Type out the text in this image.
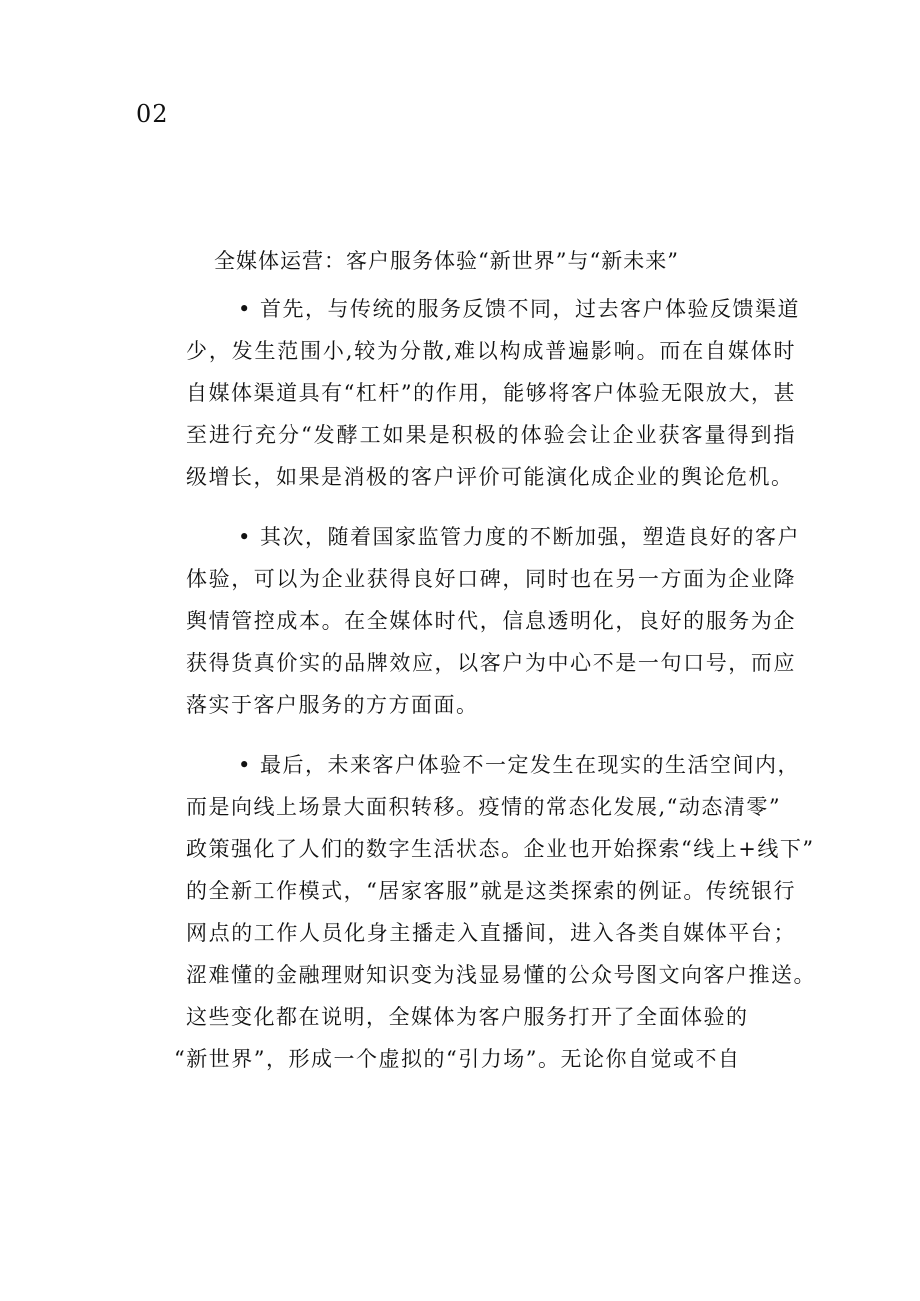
02
全媒体运营：客户服务体验“新世界”与“新未来”
• 首先，与传统的服务反馈不同，过去客户体验反馈渠道
少，发生范围小,较为分散,难以构成普遍影响。而在自媒体时
自媒体渠道具有“杠杆”的作用，能够将客户体验无限放大，甚
至进行充分“发酵工如果是积极的体验会让企业获客量得到指
级增长，如果是消极的客户评价可能演化成企业的舆论危机。
• 其次，随着国家监管力度的不断加强，塑造良好的客户
体验，可以为企业获得良好口碑，同时也在另一方面为企业降
舆情管控成本。在全媒体时代，信息透明化，良好的服务为企
获得货真价实的品牌效应，以客户为中心不是一句口号，而应
落实于客户服务的方方面面。
• 最后，未来客户体验不一定发生在现实的生活空间内，
而是向线上场景大面积转移。疫情的常态化发展,“动态清零”
政策强化了人们的数字生活状态。企业也开始探索“线上+线下”
的全新工作模式，“居家客服”就是这类探索的例证。传统银行
网点的工作人员化身主播走入直播间，进入各类自媒体平台；
涩难懂的金融理财知识变为浅显易懂的公众号图文向客户推送。
这些变化都在说明，全媒体为客户服务打开了全面体验的
“新世界”，形成一个虚拟的“引力场”。无论你自觉或不自
